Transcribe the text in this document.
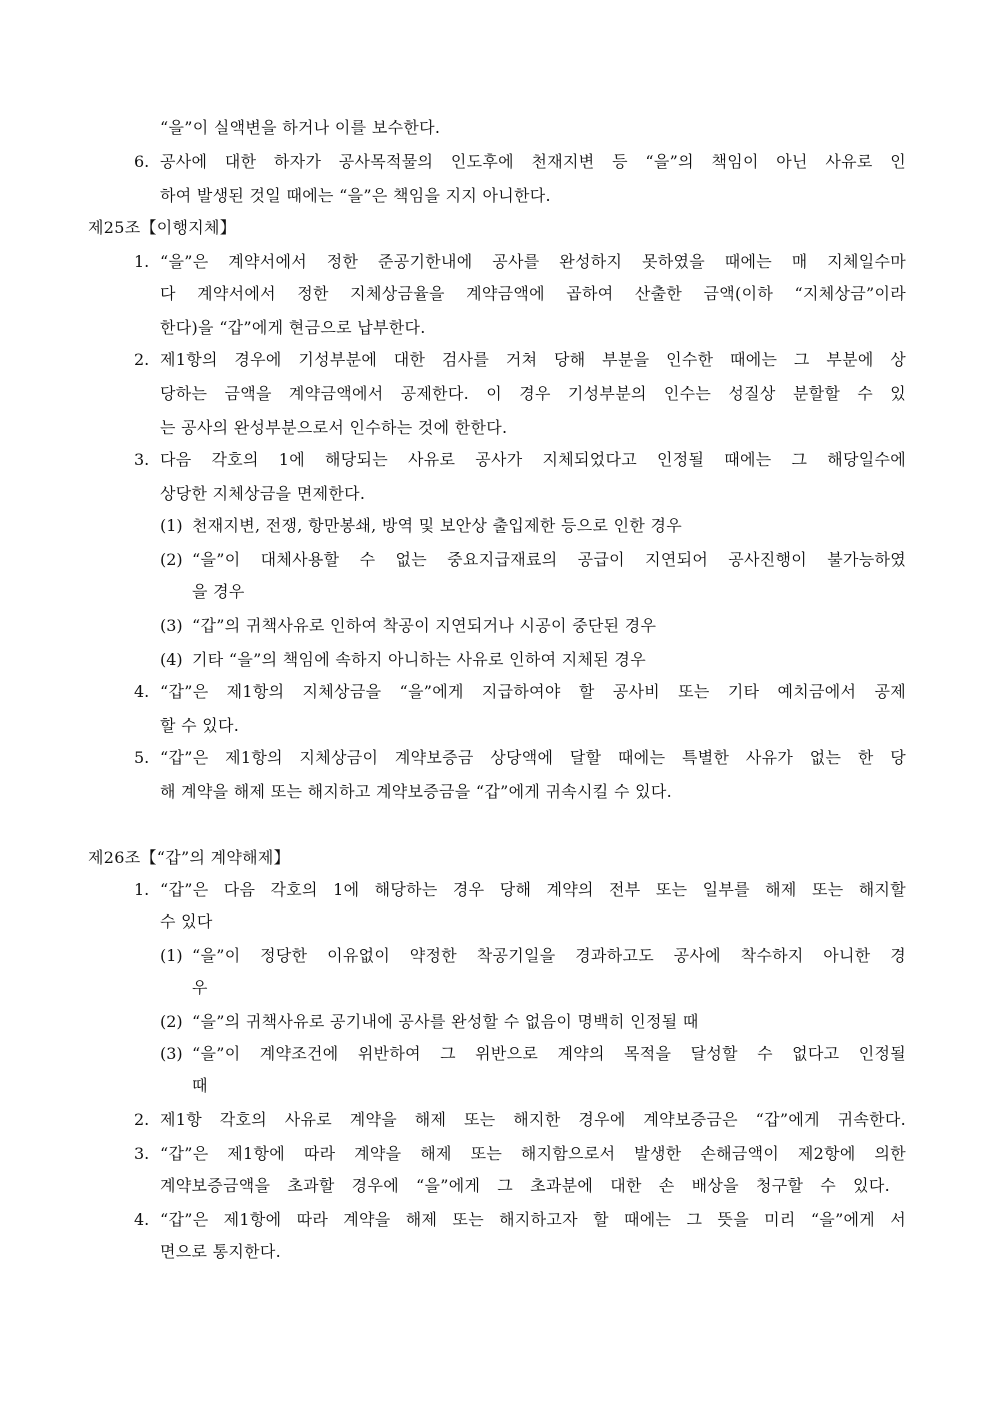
“을”이 실액변을 하거나 이를 보수한다.
6. 공사에 대한 하자가 공사목적물의 인도후에 천재지변 등 “을”의 책임이 아닌 사유로 인
하여 발생된 것일 때에는 “을”은 책임을 지지 아니한다.
제25조【이행지체】
1. “을”은 계약서에서 정한 준공기한내에 공사를 완성하지 못하였을 때에는 매 지체일수마
다 계약서에서 정한 지체상금율을 계약금액에 곱하여 산출한 금액(이하 “지체상금”이라
한다)을 “갑”에게 현금으로 납부한다.
2. 제1항의 경우에 기성부분에 대한 검사를 거쳐 당해 부분을 인수한 때에는 그 부분에 상
당하는 금액을 계약금액에서 공제한다. 이 경우 기성부분의 인수는 성질상 분할할 수 있
는 공사의 완성부분으로서 인수하는 것에 한한다.
3. 다음 각호의 1에 해당되는 사유로 공사가 지체되었다고 인정될 때에는 그 해당일수에
상당한 지체상금을 면제한다.
(1) 천재지변, 전쟁, 항만봉쇄, 방역 및 보안상 출입제한 등으로 인한 경우
(2) “을”이 대체사용할 수 없는 중요지급재료의 공급이 지연되어 공사진행이 불가능하였
을 경우
(3) “갑”의 귀책사유로 인하여 착공이 지연되거나 시공이 중단된 경우
(4) 기타 “을”의 책임에 속하지 아니하는 사유로 인하여 지체된 경우
4. “갑”은 제1항의 지체상금을 “을”에게 지급하여야 할 공사비 또는 기타 예치금에서 공제
할 수 있다.
5. “갑”은 제1항의 지체상금이 계약보증금 상당액에 달할 때에는 특별한 사유가 없는 한 당
해 계약을 해제 또는 해지하고 계약보증금을 “갑”에게 귀속시킬 수 있다.
제26조【“갑”의 계약해제】
1. “갑”은 다음 각호의 1에 해당하는 경우 당해 계약의 전부 또는 일부를 해제 또는 해지할
수 있다
(1) “을”이 정당한 이유없이 약정한 착공기일을 경과하고도 공사에 착수하지 아니한 경
우
(2) “을”의 귀책사유로 공기내에 공사를 완성할 수 없음이 명백히 인정될 때
(3) “을”이 계약조건에 위반하여 그 위반으로 계약의 목적을 달성할 수 없다고 인정될
때
2. 제1항 각호의 사유로 계약을 해제 또는 해지한 경우에 계약보증금은 “갑”에게 귀속한다.
3. “갑”은 제1항에 따라 계약을 해제 또는 해지함으로서 발생한 손해금액이 제2항에 의한
계약보증금액을 초과할 경우에 “을”에게 그 초과분에 대한 손 배상을 청구할 수 있다.
4. “갑”은 제1항에 따라 계약을 해제 또는 해지하고자 할 때에는 그 뜻을 미리 “을”에게 서
면으로 통지한다.
